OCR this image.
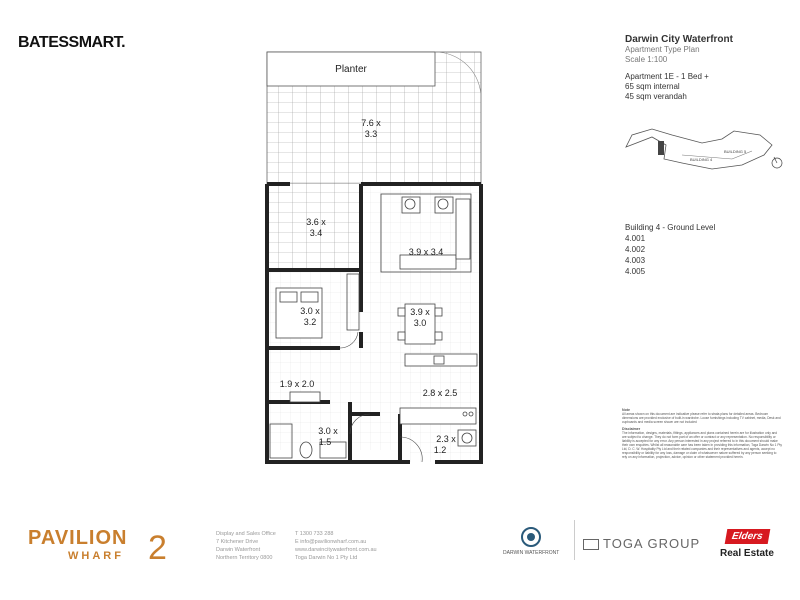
BATESSMART.	Darwin City Waterfront
Apartment Type Plan
Scale 1:100
Apartment 1E - 1 Bed +
65 sqm internal
45 sqm verandah
BUILDING 4
BUILDING 5
Building 4 - Ground Level
4.001
4.002
4.003
4.005
Note
All areas shown on this document are indicative please refer to strata plans for detailed areas. Bedroom dimensions are provided exclusive of built-in wardrobe. Loose furnishings including TV cabinet, media, Desk and cupboards and media screen shown are not included
Disclaimer
The information, designs, materials, fittings, appliances and plans contained herein are for illustration only and are subject to change. They do not form part of an offer or contract or any representation. No responsibility or liability is accepted for any error. Any person interested in any project referred to in this document should make their own enquiries. Whilst all reasonable care has been taken in providing this information, Toga Darwin No 1 Pty Ltd, D. C. W. Hospitality Pty Ltd and their related companies and their representatives and agents, accept no responsibility or liability for any loss, damage or claim of whatsoever nature suffered by any person seeking to rely on any information, projection, advice, opinion or other statement provided herein.
Planter
7.6 x
3.3
3.6 x
3.4
3.9 x 3.4
3.0 x
3.2
3.9 x
3.0
1.9 x 2.0
2.8 x 2.5
3.0 x
1.5	2.3 x
1.2
PAVILION
WHARF 2	Display and Sales Office
7 Kitchener Drive
Darwin Waterfront
Northern Territory 0800
T 1300 733 288
E info@pavilionwharf.com.au
www.darwincitywaterfront.com.au
Toga Darwin No 1 Pty Ltd
DARWIN WATERFRONT
TOGA GROUP	Elders
Real Estate
